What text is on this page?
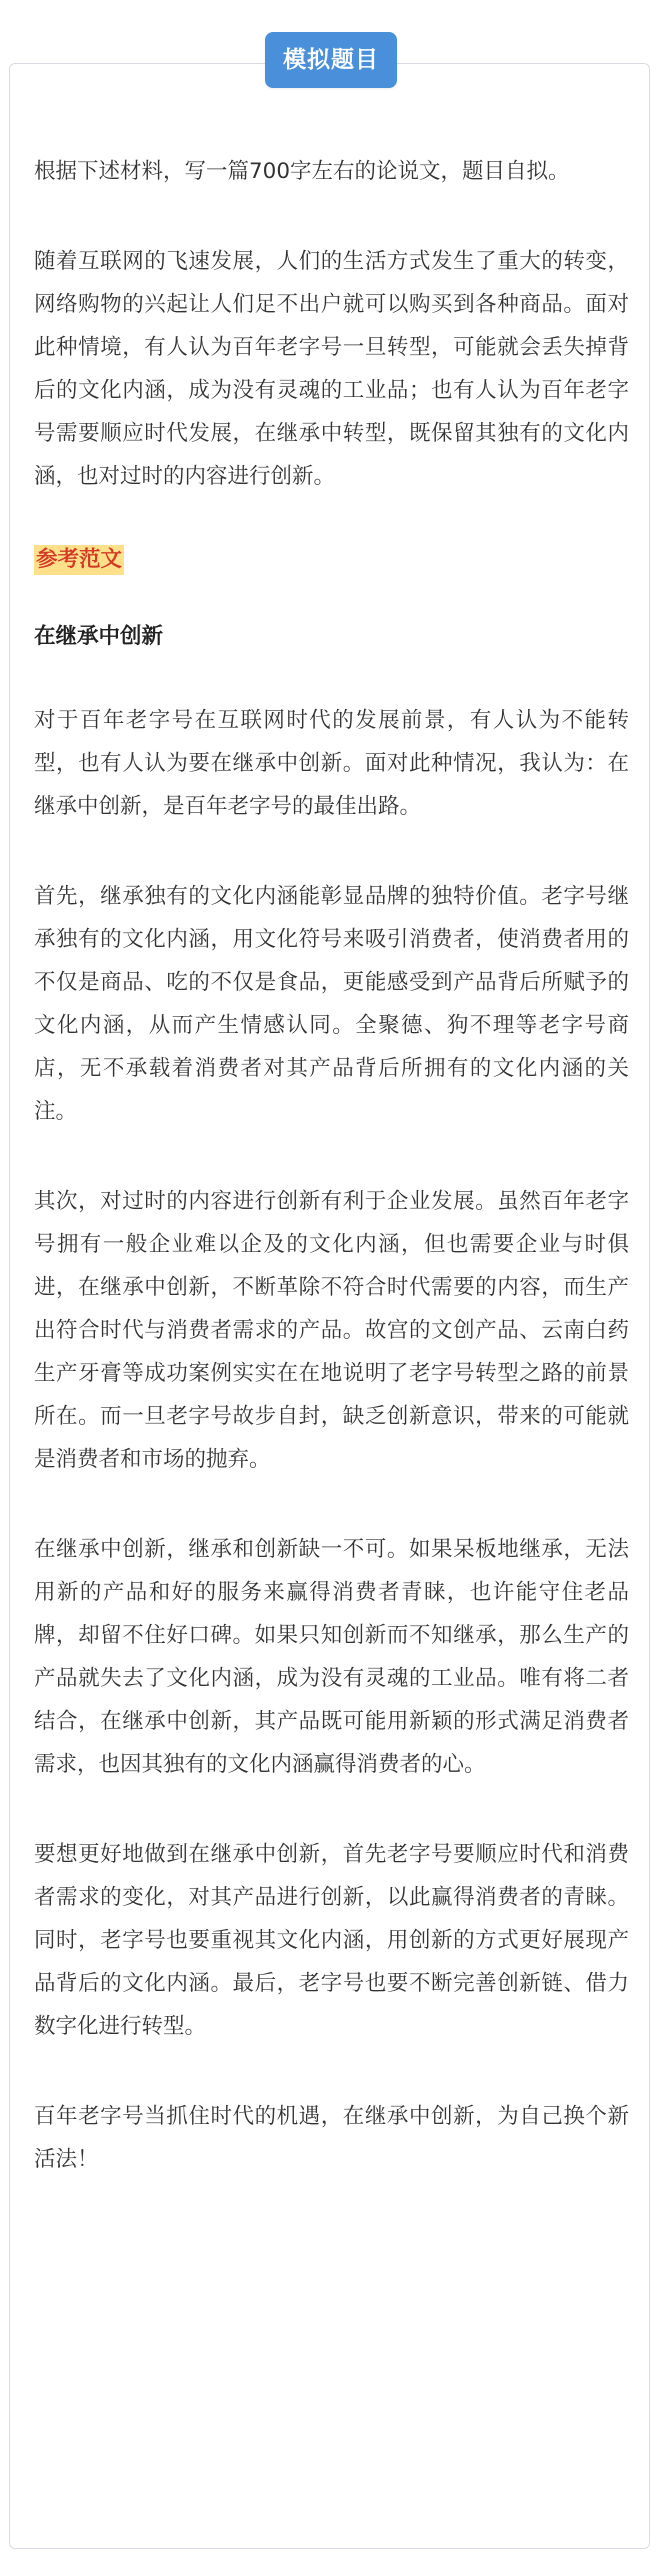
模拟题目

根据下述材料，写一篇700字左右的论说文，题目自拟。

随着互联网的飞速发展，人们的生活方式发生了重大的转变，网络购物的兴起让人们足不出户就可以购买到各种商品。面对此种情境，有人认为百年老字号一旦转型，可能就会丢失掉背后的文化内涵，成为没有灵魂的工业品；也有人认为百年老字号需要顺应时代发展，在继承中转型，既保留其独有的文化内涵，也对过时的内容进行创新。

参考范文
在继承中创新

对于百年老字号在互联网时代的发展前景，有人认为不能转型，也有人认为要在继承中创新。面对此种情况，我认为：在继承中创新，是百年老字号的最佳出路。

首先，继承独有的文化内涵能彰显品牌的独特价值。老字号继承独有的文化内涵，用文化符号来吸引消费者，使消费者用的不仅是商品、吃的不仅是食品，更能感受到产品背后所赋予的文化内涵，从而产生情感认同。全聚德、狗不理等老字号商店，无不承载着消费者对其产品背后所拥有的文化内涵的关注。

其次，对过时的内容进行创新有利于企业发展。虽然百年老字号拥有一般企业难以企及的文化内涵，但也需要企业与时俱进，在继承中创新，不断革除不符合时代需要的内容，而生产出符合时代与消费者需求的产品。故宫的文创产品、云南白药生产牙膏等成功案例实实在在地说明了老字号转型之路的前景所在。而一旦老字号故步自封，缺乏创新意识，带来的可能就是消费者和市场的抛弃。

在继承中创新，继承和创新缺一不可。如果呆板地继承，无法用新的产品和好的服务来赢得消费者青睐，也许能守住老品牌，却留不住好口碑。如果只知创新而不知继承，那么生产的产品就失去了文化内涵，成为没有灵魂的工业品。唯有将二者结合，在继承中创新，其产品既可能用新颖的形式满足消费者需求，也因其独有的文化内涵赢得消费者的心。

要想更好地做到在继承中创新，首先老字号要顺应时代和消费者需求的变化，对其产品进行创新，以此赢得消费者的青睐。同时，老字号也要重视其文化内涵，用创新的方式更好展现产品背后的文化内涵。最后，老字号也要不断完善创新链、借力数字化进行转型。

百年老字号当抓住时代的机遇，在继承中创新，为自己换个新活法！
